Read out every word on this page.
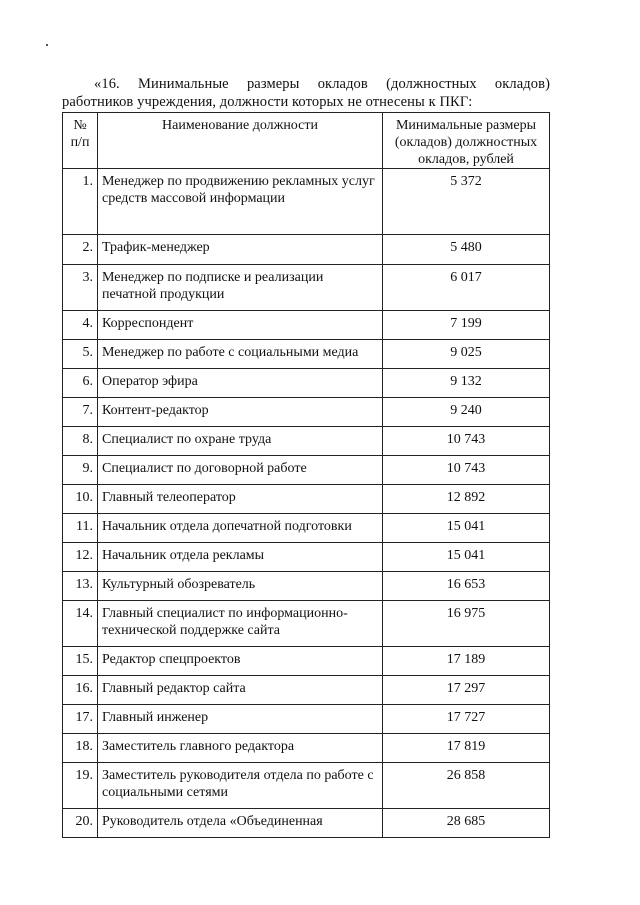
«16. Минимальные размеры окладов (должностных окладов) работников учреждения, должности которых не отнесены к ПКГ:

№ п/п	Наименование должности	Минимальные размеры (окладов) должностных окладов, рублей
1.	Менеджер по продвижению рекламных услуг средств массовой информации	5 372
2.	Трафик-менеджер	5 480
3.	Менеджер по подписке и реализации печатной продукции	6 017
4.	Корреспондент	7 199
5.	Менеджер по работе с социальными медиа	9 025
6.	Оператор эфира	9 132
7.	Контент-редактор	9 240
8.	Специалист по охране труда	10 743
9.	Специалист по договорной работе	10 743
10.	Главный телеоператор	12 892
11.	Начальник отдела допечатной подготовки	15 041
12.	Начальник отдела рекламы	15 041
13.	Культурный обозреватель	16 653
14.	Главный специалист по информационно-технической поддержке сайта	16 975
15.	Редактор спецпроектов	17 189
16.	Главный редактор сайта	17 297
17.	Главный инженер	17 727
18.	Заместитель главного редактора	17 819
19.	Заместитель руководителя отдела по работе с социальными сетями	26 858
20.	Руководитель отдела «Объединенная	28 685
